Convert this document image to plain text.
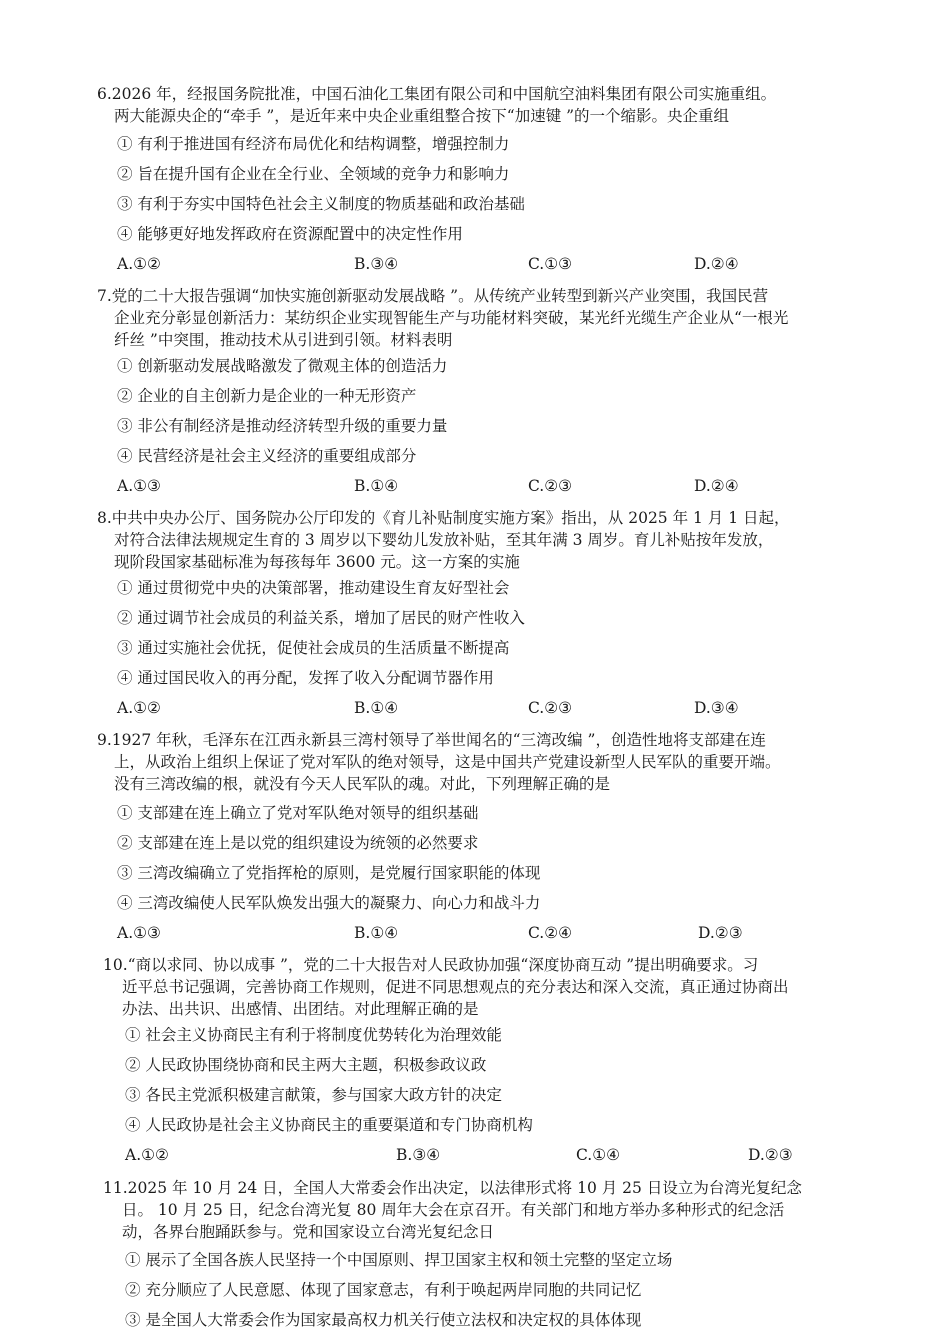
6.2026 年，经报国务院批准，中国石油化工集团有限公司和中国航空油料集团有限公司实施重组。
两大能源央企的“牵手 ”，是近年来中央企业重组整合按下“加速键 ”的一个缩影。央企重组
① 有利于推进国有经济布局优化和结构调整，增强控制力
② 旨在提升国有企业在全行业、全领域的竞争力和影响力
③ 有利于夯实中国特色社会主义制度的物质基础和政治基础
④ 能够更好地发挥政府在资源配置中的决定性作用
A.①②	B.③④	C.①③	D.②④
7.党的二十大报告强调“加快实施创新驱动发展战略 ”。从传统产业转型到新兴产业突围，我国民营
企业充分彰显创新活力：某纺织企业实现智能生产与功能材料突破，某光纤光缆生产企业从“一根光
纤丝 ”中突围，推动技术从引进到引领。材料表明
① 创新驱动发展战略激发了微观主体的创造活力
② 企业的自主创新力是企业的一种无形资产
③ 非公有制经济是推动经济转型升级的重要力量
④ 民营经济是社会主义经济的重要组成部分
A.①③	B.①④	C.②③	D.②④
8.中共中央办公厅、国务院办公厅印发的《育儿补贴制度实施方案》指出，从 2025 年 1 月 1 日起，
对符合法律法规规定生育的 3 周岁以下婴幼儿发放补贴，至其年满 3 周岁。育儿补贴按年发放，
现阶段国家基础标准为每孩每年 3600 元。这一方案的实施
① 通过贯彻党中央的决策部署，推动建设生育友好型社会
② 通过调节社会成员的利益关系，增加了居民的财产性收入
③ 通过实施社会优抚，促使社会成员的生活质量不断提高
④ 通过国民收入的再分配，发挥了收入分配调节器作用
A.①②	B.①④	C.②③	D.③④
9.1927 年秋，毛泽东在江西永新县三湾村领导了举世闻名的“三湾改编 ”，创造性地将支部建在连
上，从政治上组织上保证了党对军队的绝对领导，这是中国共产党建设新型人民军队的重要开端。
没有三湾改编的根，就没有今天人民军队的魂。对此，下列理解正确的是
① 支部建在连上确立了党对军队绝对领导的组织基础
② 支部建在连上是以党的组织建设为统领的必然要求
③ 三湾改编确立了党指挥枪的原则，是党履行国家职能的体现
④ 三湾改编使人民军队焕发出强大的凝聚力、向心力和战斗力
A.①③	B.①④	C.②④	D.②③
10.“商以求同、协以成事 ”，党的二十大报告对人民政协加强“深度协商互动 ”提出明确要求。习
近平总书记强调，完善协商工作规则，促进不同思想观点的充分表达和深入交流，真正通过协商出
办法、出共识、出感情、出团结。对此理解正确的是
① 社会主义协商民主有利于将制度优势转化为治理效能
② 人民政协围绕协商和民主两大主题，积极参政议政
③ 各民主党派积极建言献策，参与国家大政方针的决定
④ 人民政协是社会主义协商民主的重要渠道和专门协商机构
A.①②	B.③④	C.①④	D.②③
11.2025 年 10 月 24 日，全国人大常委会作出决定，以法律形式将 10 月 25 日设立为台湾光复纪念
日。 10 月 25 日，纪念台湾光复 80 周年大会在京召开。有关部门和地方举办多种形式的纪念活
动，各界台胞踊跃参与。党和国家设立台湾光复纪念日
① 展示了全国各族人民坚持一个中国原则、捍卫国家主权和领土完整的坚定立场
② 充分顺应了人民意愿、体现了国家意志，有利于唤起两岸同胞的共同记忆
③ 是全国人大常委会作为国家最高权力机关行使立法权和决定权的具体体现
